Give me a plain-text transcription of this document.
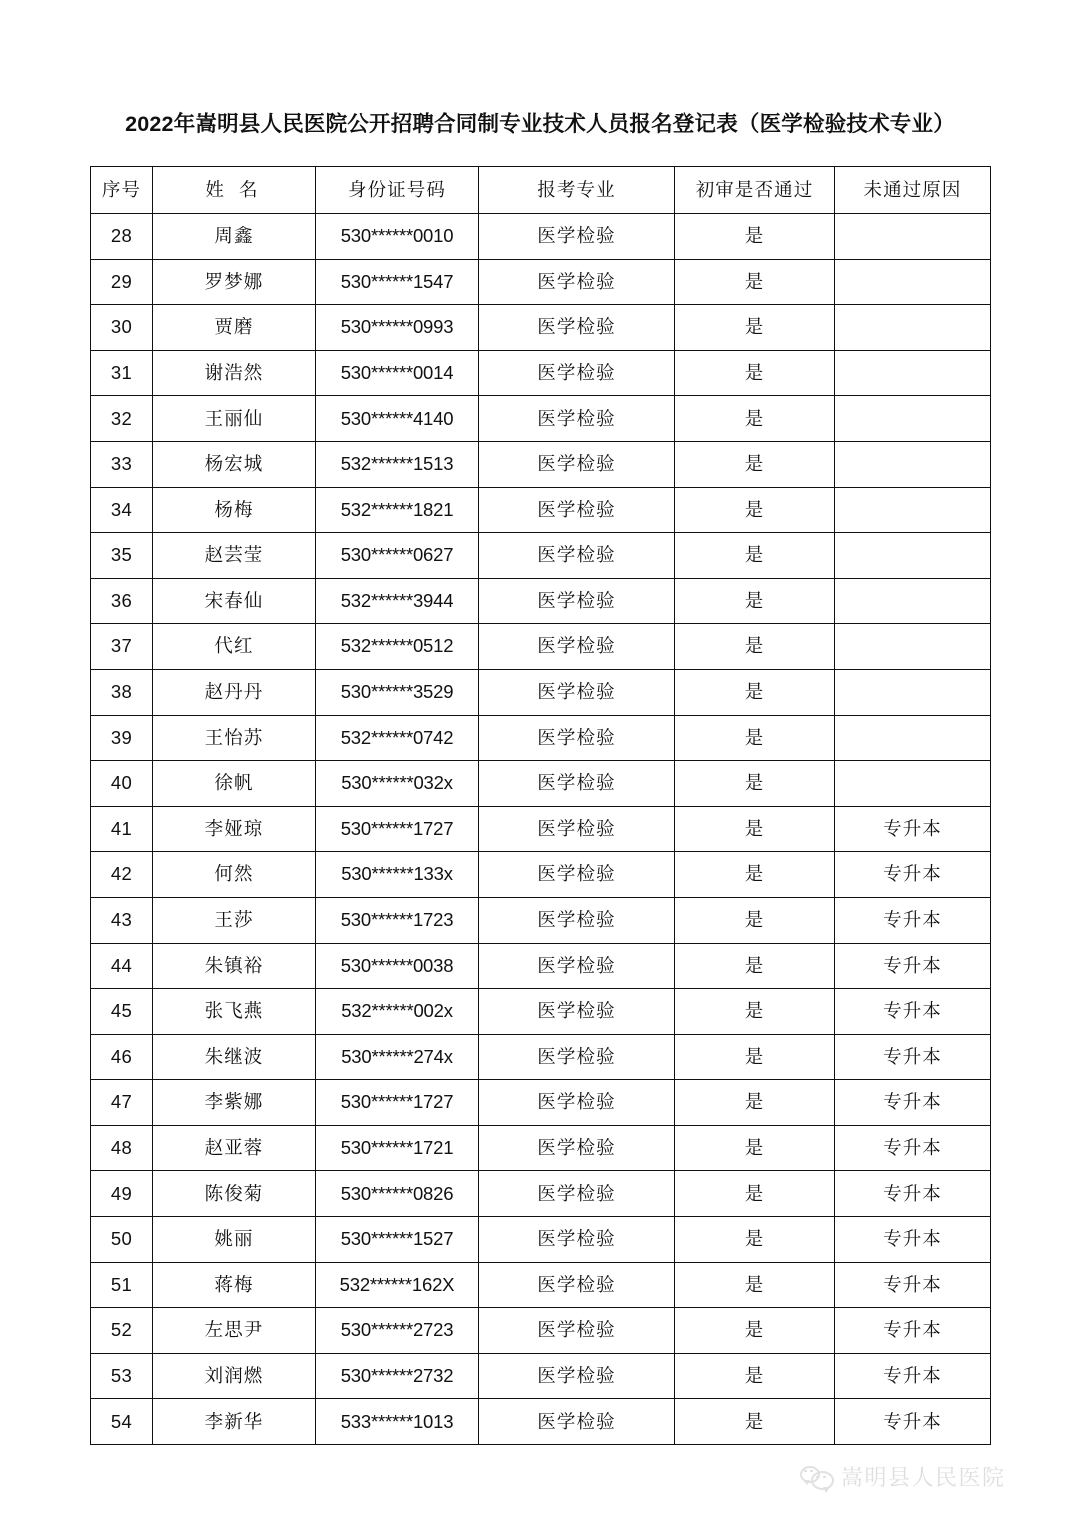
2022年嵩明县人民医院公开招聘合同制专业技术人员报名登记表（医学检验技术专业）
序号	姓 名	身份证号码	报考专业	初审是否通过	未通过原因
28	周鑫	530******0010	医学检验	是	
29	罗梦娜	530******1547	医学检验	是	
30	贾磨	530******0993	医学检验	是	
31	谢浩然	530******0014	医学检验	是	
32	王丽仙	530******4140	医学检验	是	
33	杨宏城	532******1513	医学检验	是	
34	杨梅	532******1821	医学检验	是	
35	赵芸莹	530******0627	医学检验	是	
36	宋春仙	532******3944	医学检验	是	
37	代红	532******0512	医学检验	是	
38	赵丹丹	530******3529	医学检验	是	
39	王怡苏	532******0742	医学检验	是	
40	徐帆	530******032x	医学检验	是	
41	李娅琼	530******1727	医学检验	是	专升本
42	何然	530******133x	医学检验	是	专升本
43	王莎	530******1723	医学检验	是	专升本
44	朱镇裕	530******0038	医学检验	是	专升本
45	张飞燕	532******002x	医学检验	是	专升本
46	朱继波	530******274x	医学检验	是	专升本
47	李紫娜	530******1727	医学检验	是	专升本
48	赵亚蓉	530******1721	医学检验	是	专升本
49	陈俊菊	530******0826	医学检验	是	专升本
50	姚丽	530******1527	医学检验	是	专升本
51	蒋梅	532******162X	医学检验	是	专升本
52	左思尹	530******2723	医学检验	是	专升本
53	刘润燃	530******2732	医学检验	是	专升本
54	李新华	533******1013	医学检验	是	专升本
嵩明县人民医院
